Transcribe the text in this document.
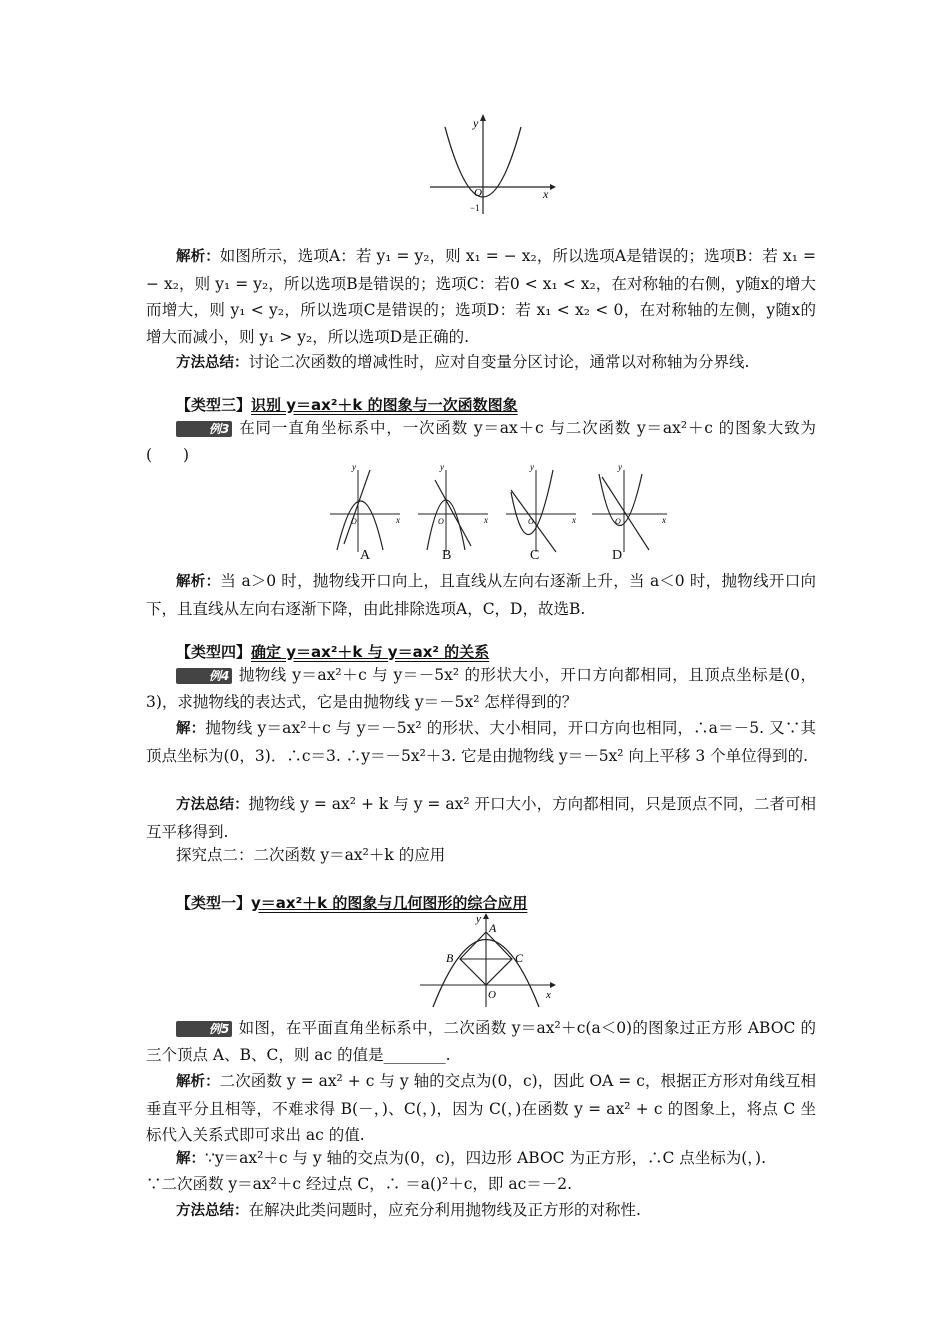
y
x
O
−1

解析：如图所示，选项A：若 y₁ = y₂，则 x₁ = − x₂，所以选项A是错误的；选项B：若 x₁ = − x₂，则 y₁ = y₂，所以选项B是错误的；选项C：若0 < x₁ < x₂，在对称轴的右侧，y随x的增大而增大，则 y₁ < y₂，所以选项C是错误的；选项D：若 x₁ < x₂ < 0，在对称轴的左侧，y随x的增大而减小，则 y₁ > y₂，所以选项D是正确的.

方法总结：讨论二次函数的增减性时，应对自变量分区讨论，通常以对称轴为分界线.

【类型三】识别 y＝ax²＋k 的图象与一次函数图象

例3 在同一直角坐标系中，一次函数 y＝ax＋c 与二次函数 y＝ax²＋c 的图象大致为(　　)

y
x
O
y
x
O
y
x
O
y
x
O
A	B	C	D

解析：当 a＞0 时，抛物线开口向上，且直线从左向右逐渐上升，当 a＜0 时，抛物线开口向下，且直线从左向右逐渐下降，由此排除选项A，C，D，故选B.

【类型四】确定 y＝ax²＋k 与 y＝ax² 的关系

例4 抛物线 y＝ax²＋c 与 y＝－5x² 的形状大小，开口方向都相同，且顶点坐标是(0，3)，求抛物线的表达式，它是由抛物线 y＝－5x² 怎样得到的？

解：抛物线 y＝ax²＋c 与 y＝－5x² 的形状、大小相同，开口方向也相同，∴a＝－5. 又∵其顶点坐标为(0，3)．∴c＝3. ∴y＝－5x²＋3. 它是由抛物线 y＝－5x² 向上平移 3 个单位得到的.

方法总结：抛物线 y = ax² + k 与 y = ax² 开口大小，方向都相同，只是顶点不同，二者可相互平移得到.

探究点二：二次函数 y＝ax²＋k 的应用

【类型一】y＝ax²＋k 的图象与几何图形的综合应用
y
x
O
A
B	C

例5 如图，在平面直角坐标系中，二次函数 y＝ax²＋c(a＜0)的图象过正方形 ABOC 的三个顶点 A、B、C，则 ac 的值是________.

解析：二次函数 y = ax² + c 与 y 轴的交点为(0，c)，因此 OA = c，根据正方形对角线互相垂直平分且相等，不难求得 B(－，)、C(，)，因为 C(，)在函数 y = ax² + c 的图象上，将点 C 坐标代入关系式即可求出 ac 的值.

解：∵y＝ax²＋c 与 y 轴的交点为(0，c)，四边形 ABOC 为正方形，∴C 点坐标为(，).

∵二次函数 y＝ax²＋c 经过点 C，∴ ＝a()²＋c，即 ac＝－2.

方法总结：在解决此类问题时，应充分利用抛物线及正方形的对称性.
